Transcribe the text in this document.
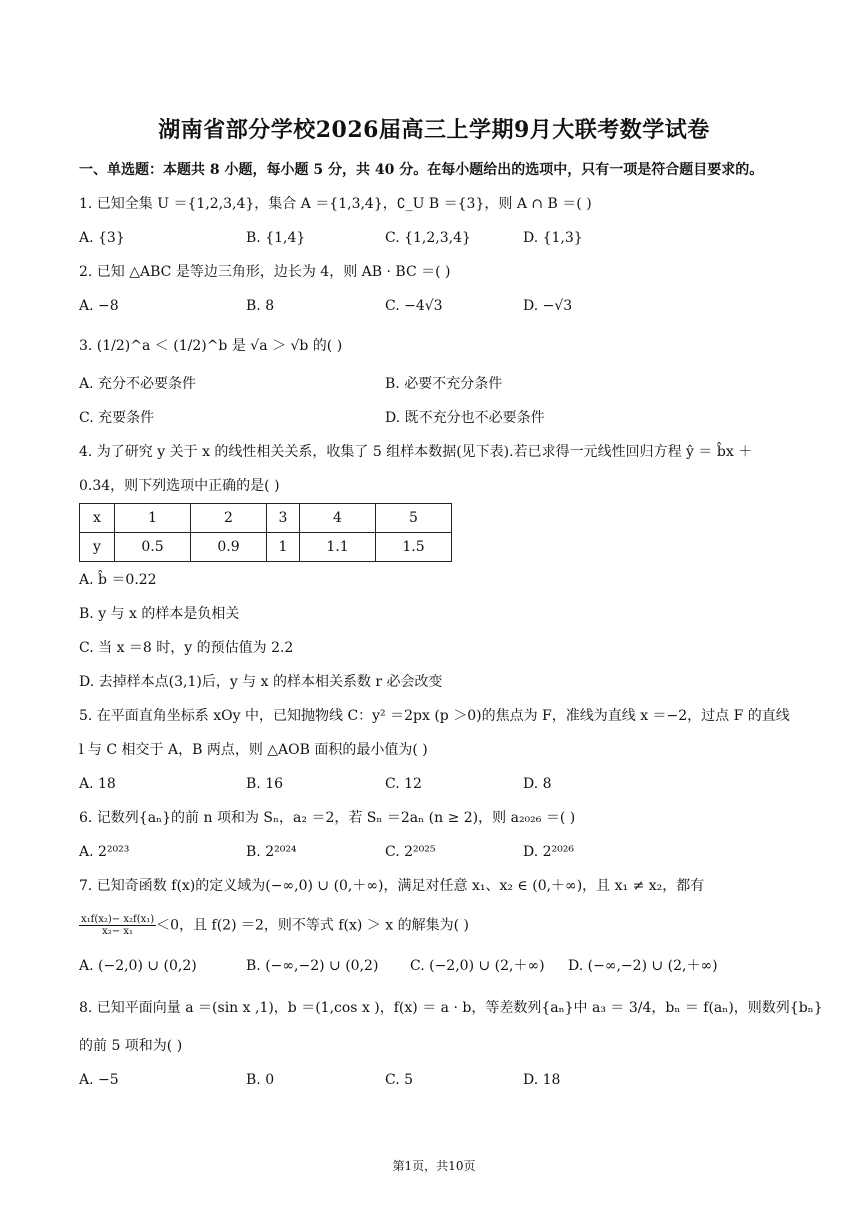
湖南省部分学校2026届高三上学期9月大联考数学试卷
一、单选题：本题共 8 小题，每小题 5 分，共 40 分。在每小题给出的选项中，只有一项是符合题目要求的。
1. 已知全集 U ＝{1,2,3,4}，集合 A ＝{1,3,4}，∁_U B ＝{3}，则 A ∩ B ＝( )
A. {3}	B. {1,4}	C. {1,2,3,4}	D. {1,3}
2. 已知 △ABC 是等边三角形，边长为 4，则 AB · BC ＝( )
A. −8	B. 8	C. −4√3	D. −√3
3. (1/2)^a ＜ (1/2)^b 是 √a ＞ √b 的( )
A. 充分不必要条件	B. 必要不充分条件
C. 充要条件	D. 既不充分也不必要条件
4. 为了研究 y 关于 x 的线性相关关系，收集了 5 组样本数据(见下表).若已求得一元线性回归方程 ŷ ＝ b̂x ＋
0.34，则下列选项中正确的是( )
x	1	2	3	4	5
y	0.5	0.9	1	1.1	1.5
A. b̂ ＝0.22
B. y 与 x 的样本是负相关
C. 当 x ＝8 时，y 的预估值为 2.2
D. 去掉样本点(3,1)后，y 与 x 的样本相关系数 r 必会改变
5. 在平面直角坐标系 xOy 中，已知抛物线 C：y² ＝2px (p ＞0)的焦点为 F，准线为直线 x ＝−2，过点 F 的直线
l 与 C 相交于 A，B 两点，则 △AOB 面积的最小值为( )
A. 18	B. 16	C. 12	D. 8
6. 记数列{aₙ}的前 n 项和为 Sₙ，a₂ ＝2，若 Sₙ ＝2aₙ (n ≥ 2)，则 a₂₀₂₆ ＝( )
A. 2²⁰²³	B. 2²⁰²⁴	C. 2²⁰²⁵	D. 2²⁰²⁶
7. 已知奇函数 f(x)的定义域为(−∞,0) ∪ (0,＋∞)，满足对任意 x₁、x₂ ∈ (0,＋∞)，且 x₁ ≠ x₂，都有
$\frac{\text{x₁f(x₂)− x₂f(x₁)}}{\text{x₂− x₁}} <0$，且 f(2) ＝2，则不等式 f(x) ＞ x 的解集为( )
A. (−2,0) ∪ (0,2)	B. (−∞,−2) ∪ (0,2) C. (−2,0) ∪ (2,＋∞) D. (−∞,−2) ∪ (2,＋∞)
8. 已知平面向量 a ＝(sin x ,1)，b ＝(1,cos x )，f(x) ＝ a · b，等差数列{aₙ}中 a₃ ＝ 3/4，bₙ ＝ f(aₙ)，则数列{bₙ}
的前 5 项和为( )
A. −5	B. 0	C. 5	D. 18
第1页，共10页
